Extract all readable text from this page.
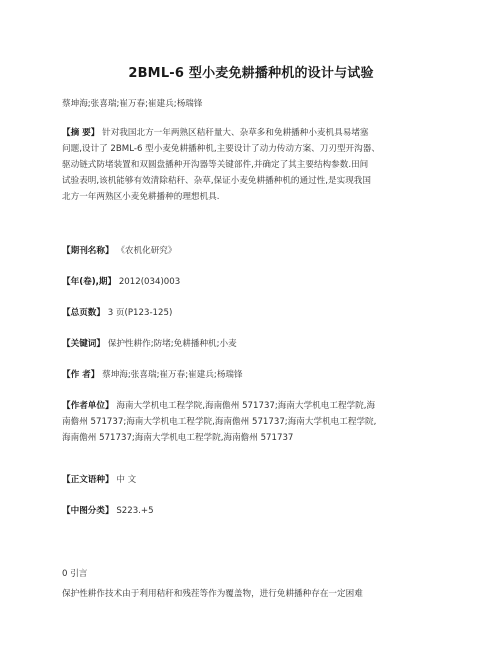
2BML-6 型小麦免耕播种机的设计与试验
蔡坤海;张喜瑞;崔万春;崔建兵;杨瑞锋
【摘 要】 针对我国北方一年两熟区秸秆量大、杂草多和免耕播种小麦机具易堵塞
问题,设计了 2BML-6 型小麦免耕播种机,主要设计了动力传动方案、刀刃型开沟器、
驱动链式防堵装置和双圆盘播种开沟器等关键部件,并确定了其主要结构参数.田间
试验表明,该机能够有效清除秸秆、杂草,保证小麦免耕播种机的通过性,是实现我国
北方一年两熟区小麦免耕播种的理想机具.
【期刊名称】 《农机化研究》
【年(卷),期】 2012(034)003
【总页数】 3 页(P123-125)
【关键词】 保护性耕作;防堵;免耕播种机;小麦
【作 者】 蔡坤海;张喜瑞;崔万春;崔建兵;杨瑞锋
【作者单位】 海南大学机电工程学院,海南儋州 571737;海南大学机电工程学院,海
南儋州 571737;海南大学机电工程学院,海南儋州 571737;海南大学机电工程学院,
海南儋州 571737;海南大学机电工程学院,海南儋州 571737
【正文语种】 中 文
【中图分类】 S223.+5
0 引言
保护性耕作技术由于利用秸秆和残茬等作为覆盖物，进行免耕播种存在一定困难
